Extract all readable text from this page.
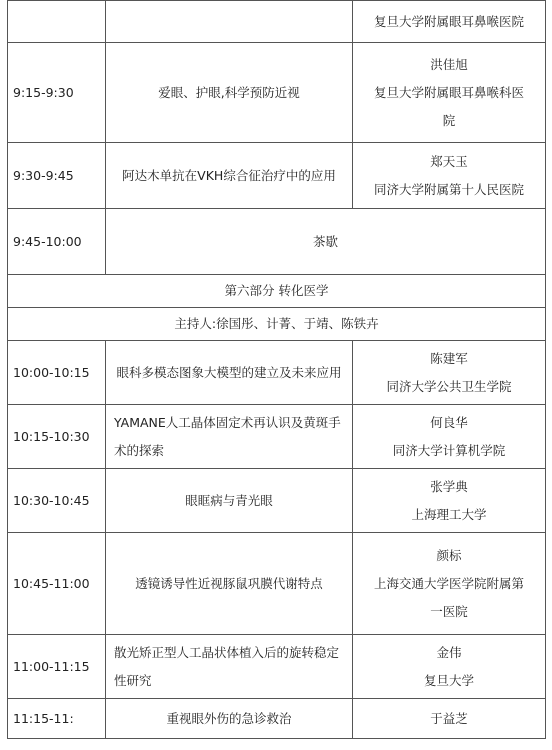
		复旦大学附属眼耳鼻喉医院

9:15-9:30	爱眼、护眼,科学预防近视	洪佳旭
复旦大学附属眼耳鼻喉科医
院

9:30-9:45	阿达木单抗在VKH综合征治疗中的应用	郑天玉
同济大学附属第十人民医院

9:45-10:00	茶歇	
第六部分 转化医学		
主持人:徐国彤、计菁、于靖、陈铁卉		
10:00-10:15	眼科多模态图象大模型的建立及未来应用	陈建军
同济大学公共卫生学院

10:15-10:30	YAMANE人工晶体固定术再认识及黄斑手术的探索	何良华
同济大学计算机学院

10:30-10:45	眼眶病与青光眼	张学典
上海理工大学

10:45-11:00	透镜诱导性近视豚鼠巩膜代谢特点	颜标
上海交通大学医学院附属第
一医院

11:00-11:15	散光矫正型人工晶状体植入后的旋转稳定性研究	金伟
复旦大学

11:15-11:	重视眼外伤的急诊救治	于益芝
